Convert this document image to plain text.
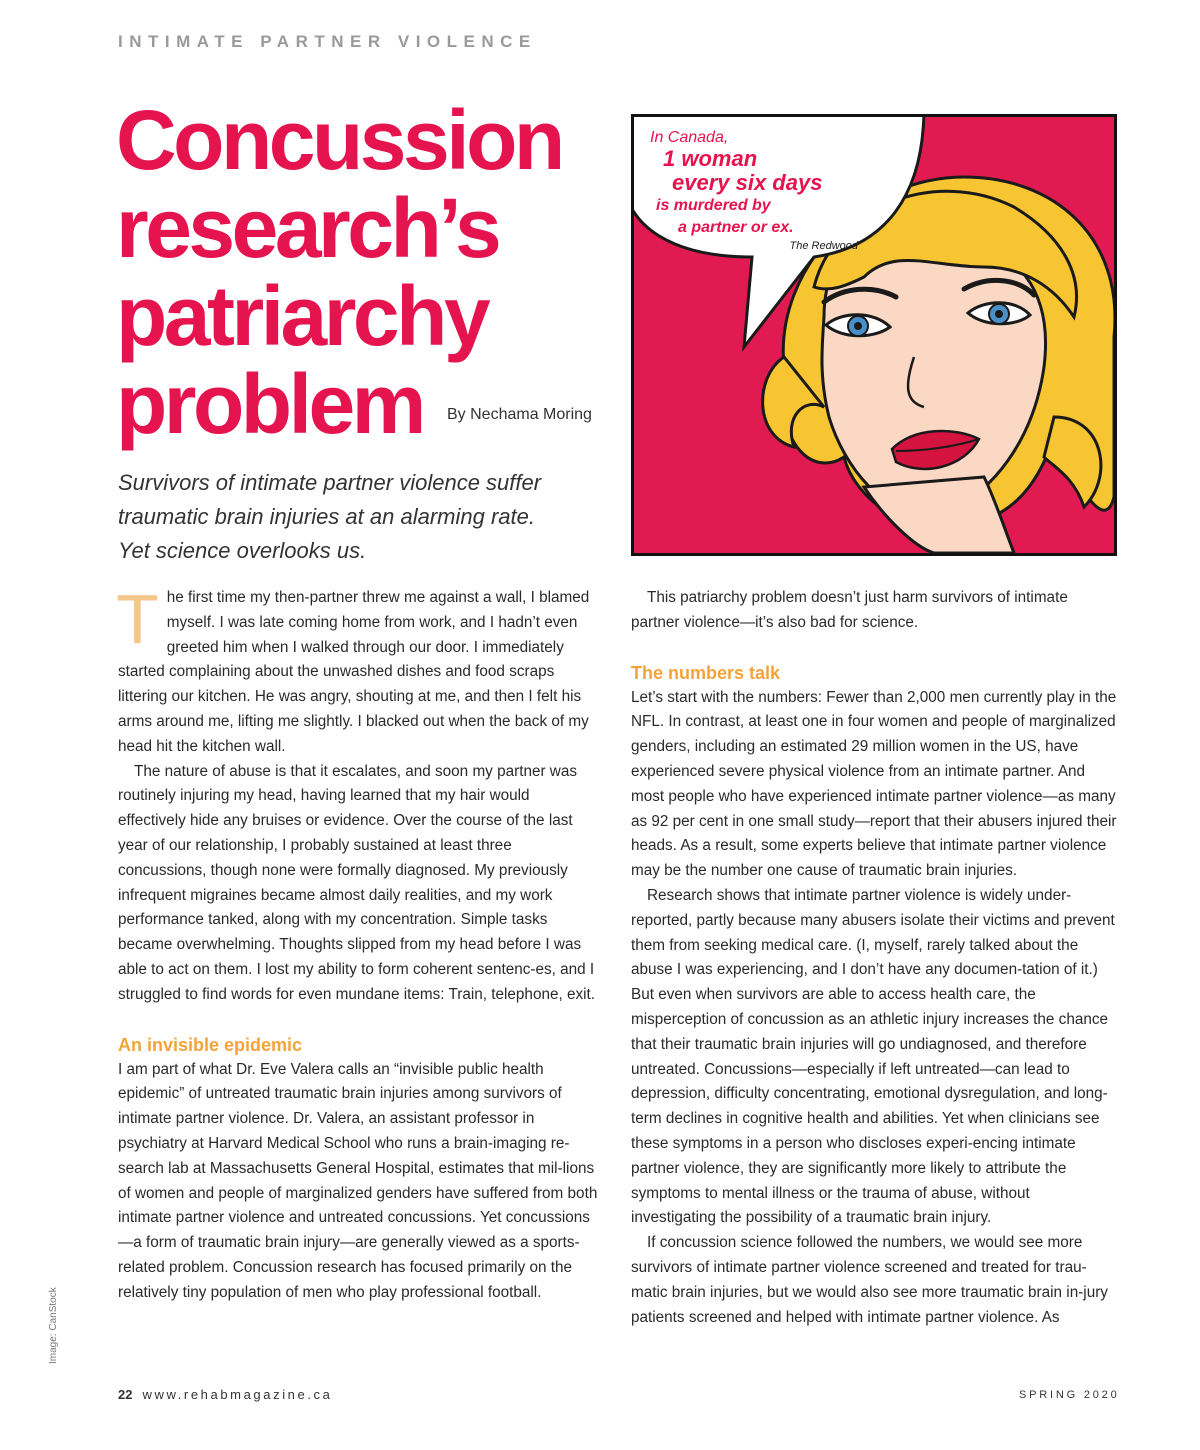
INTIMATE PARTNER VIOLENCE
Concussion
research’s
patriarchy
problem	By Nechama Moring
Survivors of intimate partner violence suffer
traumatic brain injuries at an alarming rate.
Yet science overlooks us.
In Canada,
1 woman
every six days
is murdered by
a partner or ex.
The Redwood

The first time my then-partner threw me against a wall, I blamed myself. I was late coming home from work, and I hadn’t even greeted him when I walked through our door. I immediately started complaining about the unwashed dishes and food scraps littering our kitchen. He was angry, shouting at me, and then I felt his arms around me, lifting me slightly. I blacked out when the back of my head hit the kitchen wall.

The nature of abuse is that it escalates, and soon my partner was routinely injuring my head, having learned that my hair would effectively hide any bruises or evidence. Over the course of the last year of our relationship, I probably sustained at least three concussions, though none were formally diagnosed. My previously infrequent migraines became almost daily realities, and my work performance tanked, along with my concentration. Simple tasks became overwhelming. Thoughts slipped from my head before I was able to act on them. I lost my ability to form coherent sentenc-es, and I struggled to find words for even mundane items: Train, telephone, exit.

An invisible epidemic

I am part of what Dr. Eve Valera calls an “invisible public health epidemic” of untreated traumatic brain injuries among survivors of intimate partner violence. Dr. Valera, an assistant professor in psychiatry at Harvard Medical School who runs a brain-imaging re-search lab at Massachusetts General Hospital, estimates that mil-lions of women and people of marginalized genders have suffered from both intimate partner violence and untreated concussions. Yet concussions—a form of traumatic brain injury—are generally viewed as a sports-related problem. Concussion research has focused primarily on the relatively tiny population of men who play professional football.

This patriarchy problem doesn’t just harm survivors of intimate partner violence—it’s also bad for science.

The numbers talk

Let’s start with the numbers: Fewer than 2,000 men currently play in the NFL. In contrast, at least one in four women and people of marginalized genders, including an estimated 29 million women in the US, have experienced severe physical violence from an intimate partner. And most people who have experienced intimate partner violence—as many as 92 per cent in one small study—report that their abusers injured their heads. As a result, some experts believe that intimate partner violence may be the number one cause of traumatic brain injuries.

Research shows that intimate partner violence is widely under-reported, partly because many abusers isolate their victims and prevent them from seeking medical care. (I, myself, rarely talked about the abuse I was experiencing, and I don’t have any documen-tation of it.) But even when survivors are able to access health care, the misperception of concussion as an athletic injury increases the chance that their traumatic brain injuries will go undiagnosed, and therefore untreated. Concussions—especially if left untreated—can lead to depression, difficulty concentrating, emotional dysregulation, and long-term declines in cognitive health and abilities. Yet when clinicians see these symptoms in a person who discloses experi-encing intimate partner violence, they are significantly more likely to attribute the symptoms to mental illness or the trauma of abuse, without investigating the possibility of a traumatic brain injury.

If concussion science followed the numbers, we would see more survivors of intimate partner violence screened and treated for trau-matic brain injuries, but we would also see more traumatic brain in-jury patients screened and helped with intimate partner violence. As

Image: CanStock
22 www.rehabmagazine.ca	SPRING 2020
